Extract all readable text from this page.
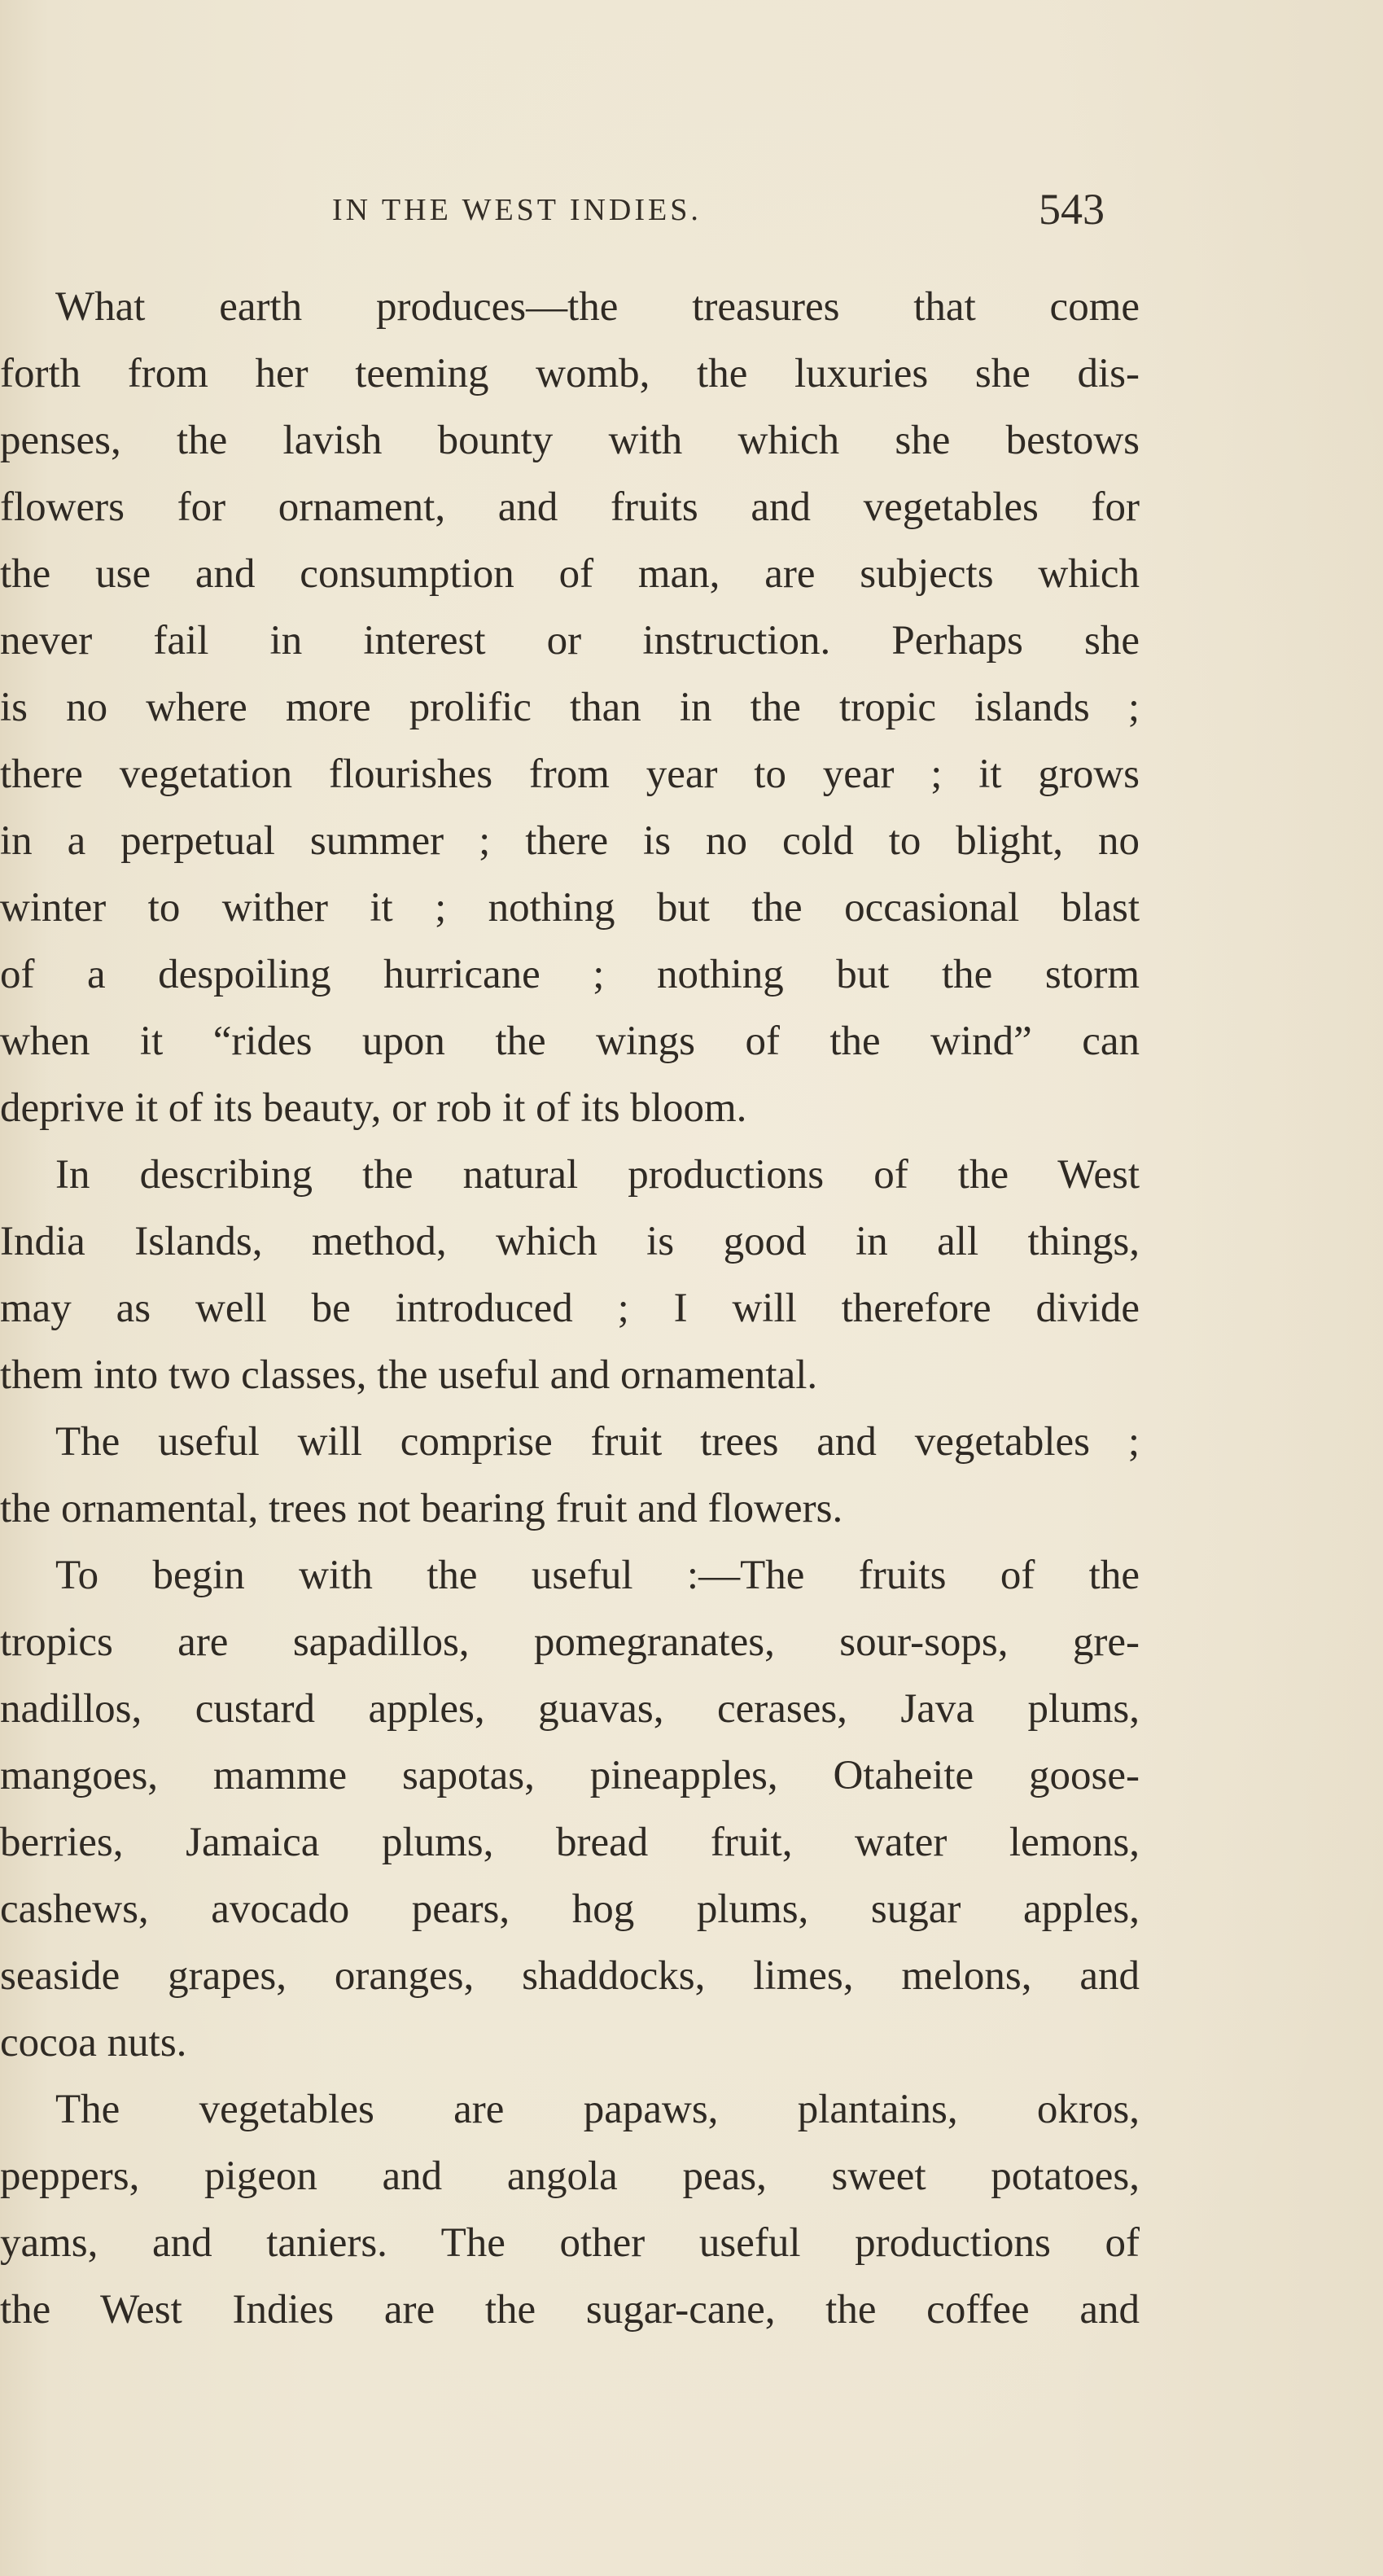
IN THE WEST INDIES.	543
What earth produces—the treasures that come
forth from her teeming womb, the luxuries she dis-
penses, the lavish bounty with which she bestows
flowers for ornament, and fruits and vegetables for
the use and consumption of man, are subjects which
never fail in interest or instruction. Perhaps she
is no where more prolific than in the tropic islands ;
there vegetation flourishes from year to year ; it grows
in a perpetual summer ; there is no cold to blight, no
winter to wither it ; nothing but the occasional blast
of a despoiling hurricane ; nothing but the storm
when it “rides upon the wings of the wind” can
deprive it of its beauty, or rob it of its bloom.
In describing the natural productions of the West
India Islands, method, which is good in all things,
may as well be introduced ; I will therefore divide
them into two classes, the useful and ornamental.
The useful will comprise fruit trees and vegetables ;
the ornamental, trees not bearing fruit and flowers.
To begin with the useful :—The fruits of the
tropics are sapadillos, pomegranates, sour-sops, gre-
nadillos, custard apples, guavas, cerases, Java plums,
mangoes, mamme sapotas, pineapples, Otaheite goose-
berries, Jamaica plums, bread fruit, water lemons,
cashews, avocado pears, hog plums, sugar apples,
seaside grapes, oranges, shaddocks, limes, melons, and
cocoa nuts.
The vegetables are papaws, plantains, okros,
peppers, pigeon and angola peas, sweet potatoes,
yams, and taniers. The other useful productions of
the West Indies are the sugar-cane, the coffee and
